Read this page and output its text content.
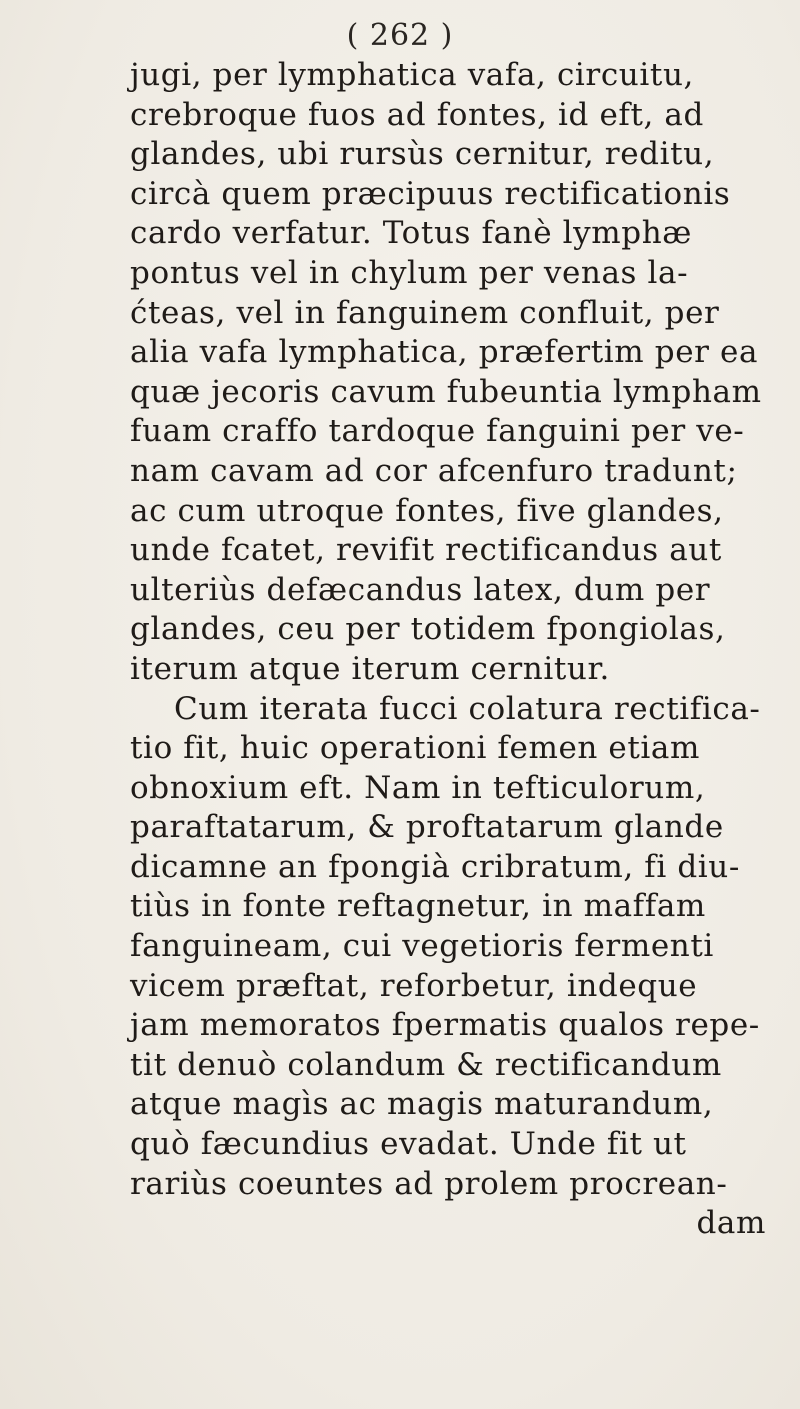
( 262 )
jugi, per lymphatica vafa, circuitu,
crebroque fuos ad fontes, id eft, ad
glandes, ubi rursùs cernitur, reditu,
circà quem præcipuus rectificationis
cardo verfatur. Totus fanè lymphæ
pontus vel in chylum per venas la-
ćteas, vel in fanguinem confluit, per
alia vafa lymphatica, præfertim per ea
quæ jecoris cavum fubeuntia lympham
fuam craffo tardoque fanguini per ve-
nam cavam ad cor afcenfuro tradunt;
ac cum utroque fontes, five glandes,
unde fcatet, revifit rectificandus aut
ulteriùs defæcandus latex, dum per
glandes, ceu per totidem fpongiolas,
iterum atque iterum cernitur.
Cum iterata fucci colatura rectifica-
tio fit, huic operationi femen etiam
obnoxium eft. Nam in tefticulorum,
paraftatarum, & proftatarum glande
dicamne an fpongià cribratum, fi diu-
tiùs in fonte reftagnetur, in maffam
fanguineam, cui vegetioris fermenti
vicem præftat, reforbetur, indeque
jam memoratos fpermatis qualos repe-
tit denuò colandum & rectificandum
atque magìs ac magis maturandum,
quò fæcundius evadat. Unde fit ut
rariùs coeuntes ad prolem procrean-
dam
